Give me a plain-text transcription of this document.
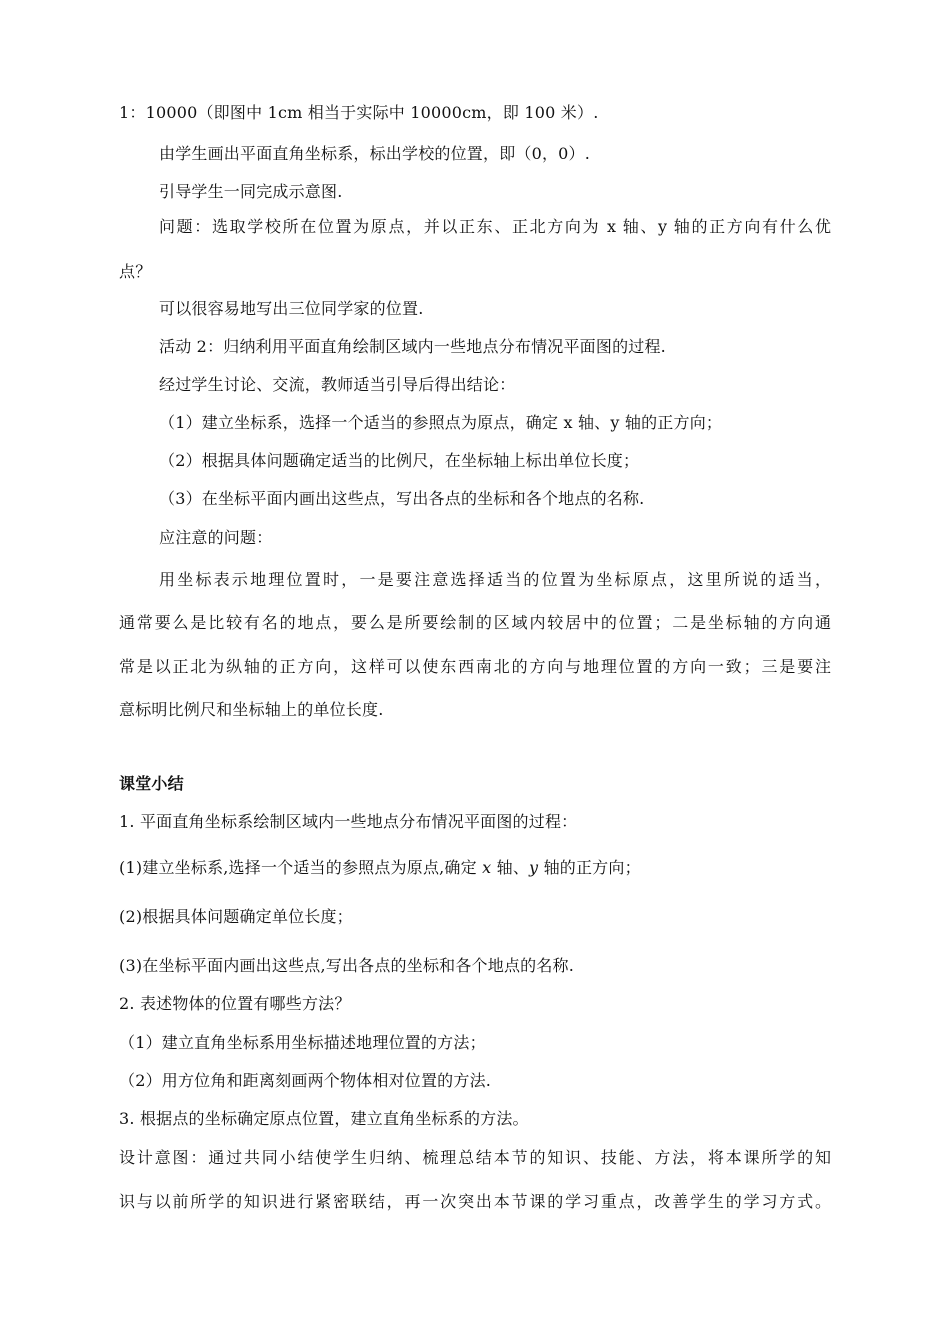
1：10000（即图中 1cm 相当于实际中 10000cm，即 100 米）.
由学生画出平面直角坐标系，标出学校的位置，即（0，0）.
引导学生一同完成示意图.
问题：选取学校所在位置为原点，并以正东、正北方向为 x 轴、y 轴的正方向有什么优
点？
可以很容易地写出三位同学家的位置.
活动 2：归纳利用平面直角绘制区域内一些地点分布情况平面图的过程.
经过学生讨论、交流，教师适当引导后得出结论：
（1）建立坐标系，选择一个适当的参照点为原点，确定 x 轴、y 轴的正方向；
（2）根据具体问题确定适当的比例尺，在坐标轴上标出单位长度；
（3）在坐标平面内画出这些点，写出各点的坐标和各个地点的名称.
应注意的问题：
用坐标表示地理位置时，一是要注意选择适当的位置为坐标原点，这里所说的适当，
通常要么是比较有名的地点，要么是所要绘制的区域内较居中的位置；二是坐标轴的方向通
常是以正北为纵轴的正方向，这样可以使东西南北的方向与地理位置的方向一致；三是要注
意标明比例尺和坐标轴上的单位长度.
课堂小结
1. 平面直角坐标系绘制区域内一些地点分布情况平面图的过程：
(1)建立坐标系,选择一个适当的参照点为原点,确定 x 轴、y 轴的正方向；
(2)根据具体问题确定单位长度；
(3)在坐标平面内画出这些点,写出各点的坐标和各个地点的名称.
2. 表述物体的位置有哪些方法？
（1）建立直角坐标系用坐标描述地理位置的方法；
（2）用方位角和距离刻画两个物体相对位置的方法.
3. 根据点的坐标确定原点位置，建立直角坐标系的方法。
设计意图：通过共同小结使学生归纳、梳理总结本节的知识、技能、方法，将本课所学的知
识与以前所学的知识进行紧密联结，再一次突出本节课的学习重点，改善学生的学习方式。
